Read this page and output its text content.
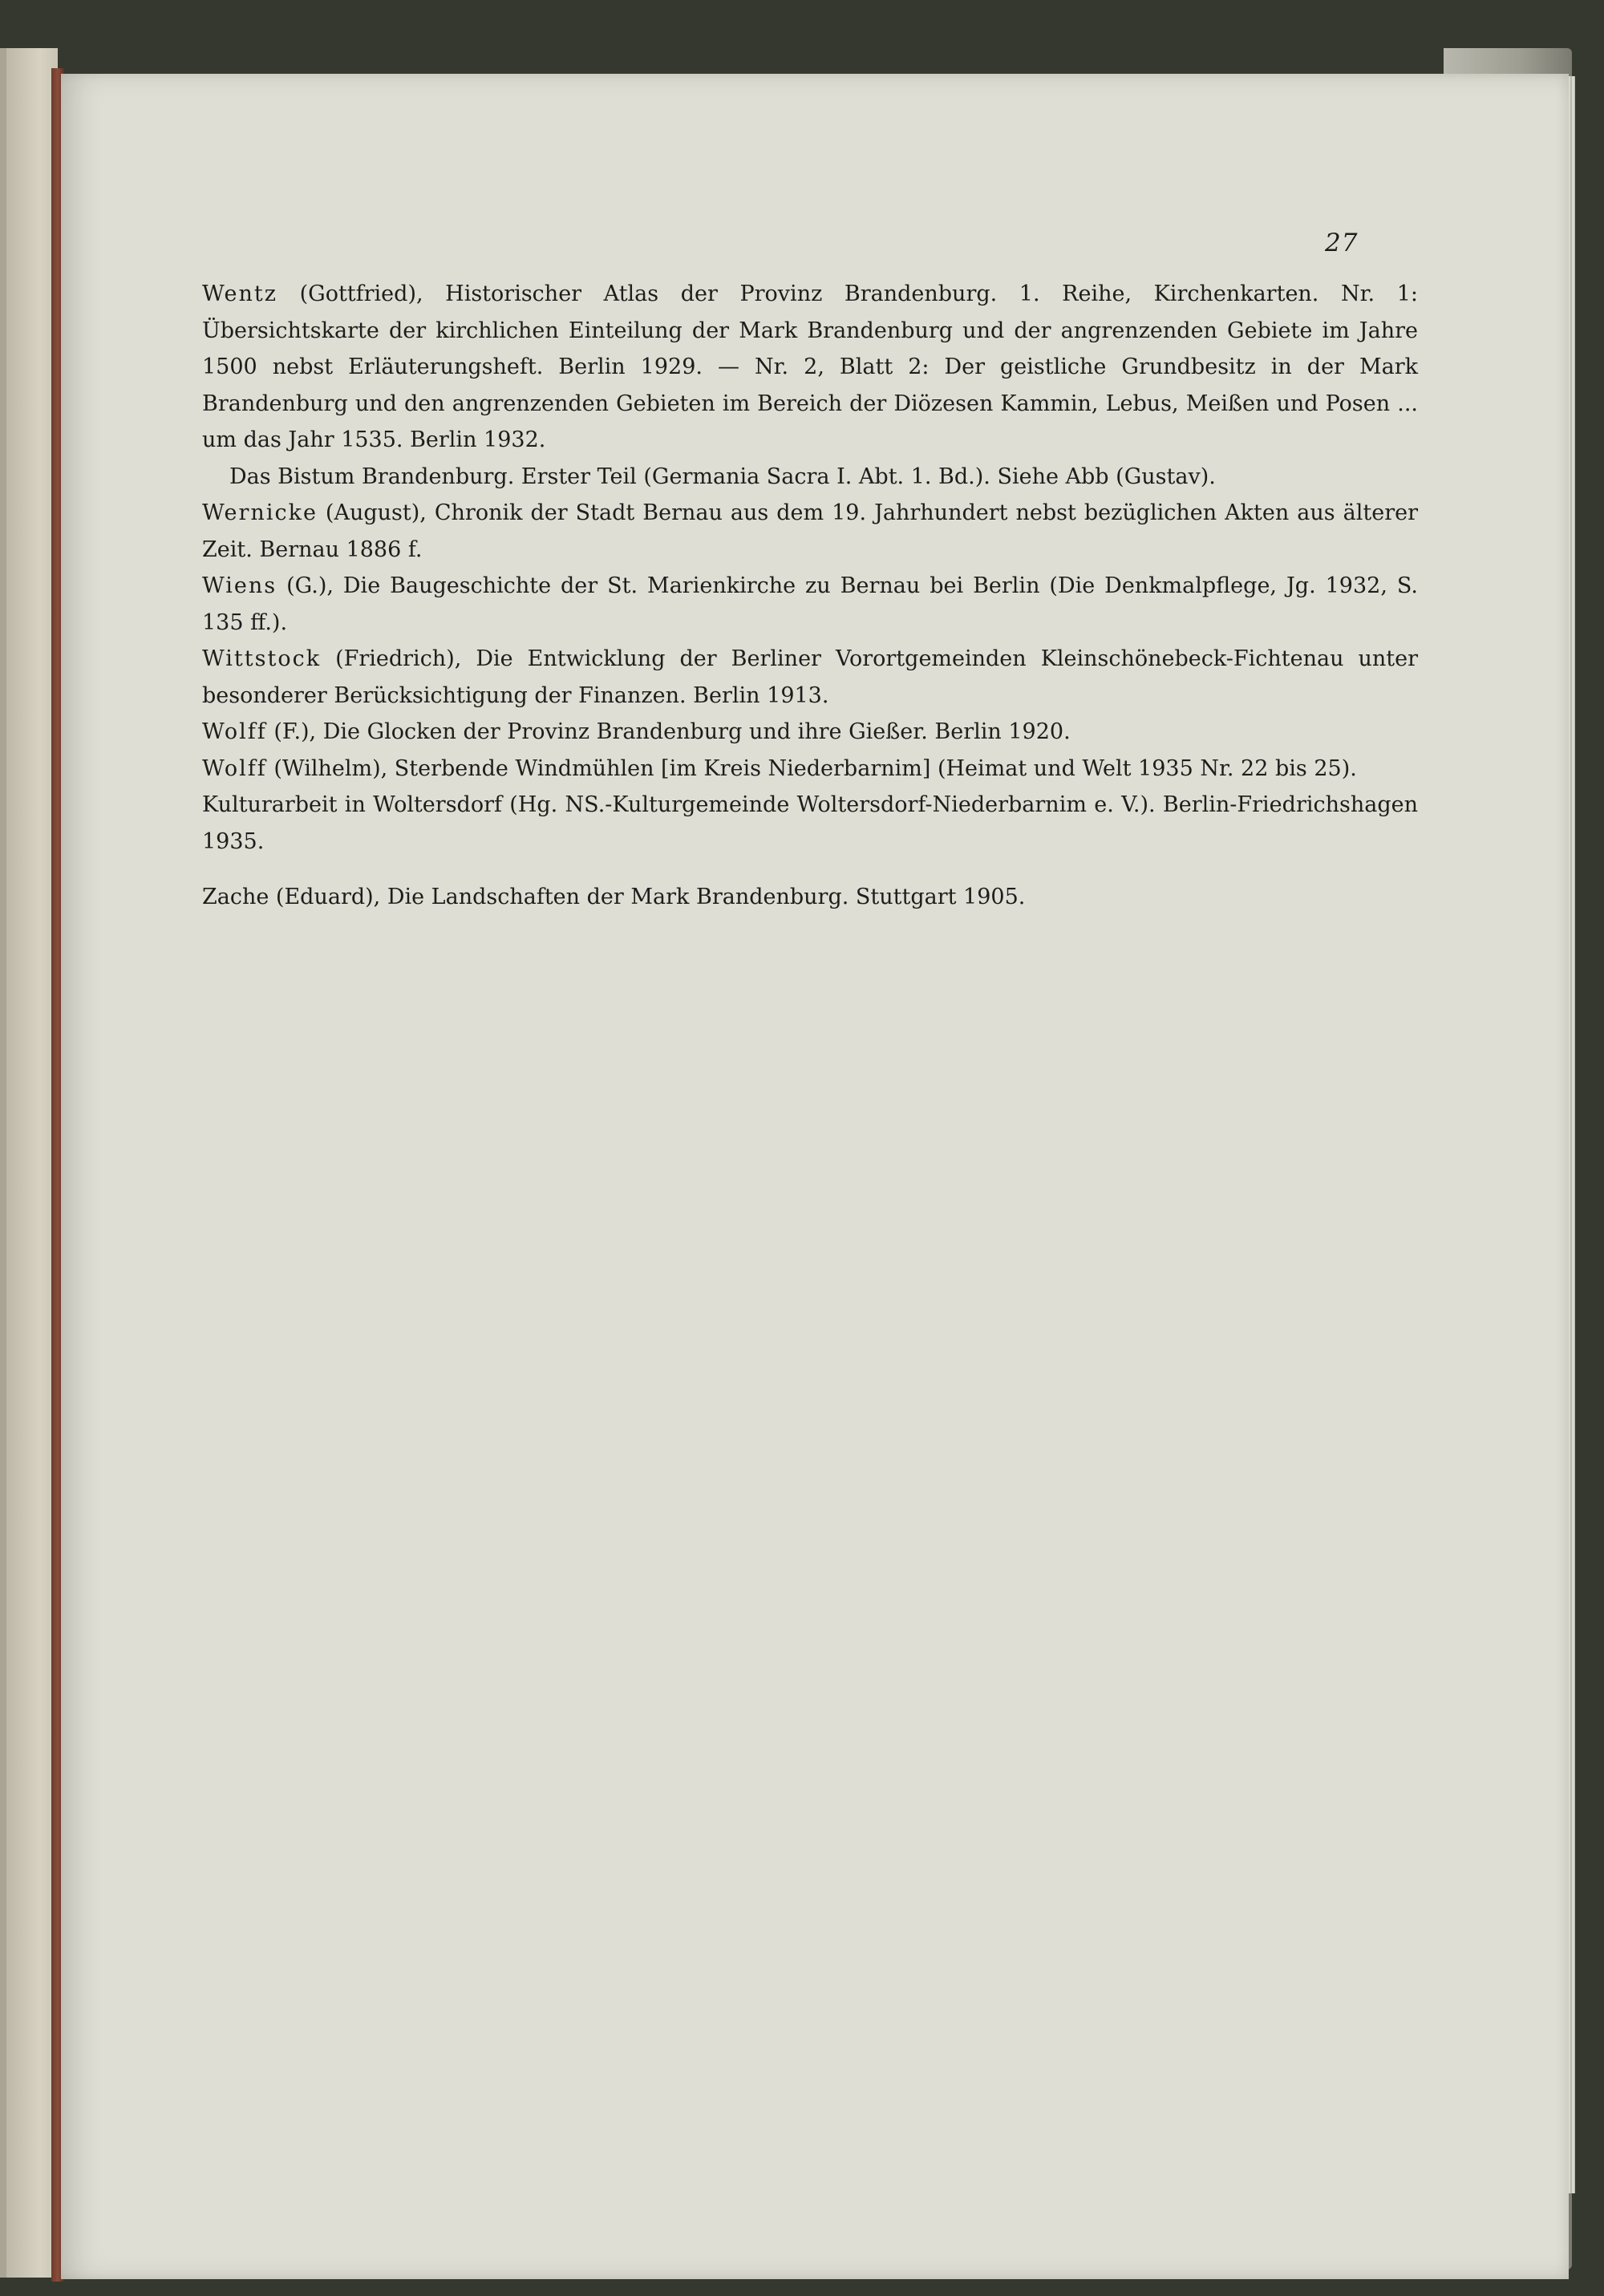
27

Wentz (Gottfried), Historischer Atlas der Provinz Brandenburg. 1. Reihe, Kirchenkarten. Nr. 1: Übersichtskarte der kirchlichen Einteilung der Mark Brandenburg und der angrenzenden Gebiete im Jahre 1500 nebst Erläuterungsheft. Berlin 1929. — Nr. 2, Blatt 2: Der geistliche Grundbesitz in der Mark Brandenburg und den angrenzenden Gebieten im Bereich der Diözesen Kammin, Lebus, Meißen und Posen ... um das Jahr 1535. Berlin 1932.

Das Bistum Brandenburg. Erster Teil (Germania Sacra I. Abt. 1. Bd.). Siehe Abb (Gustav).

Wernicke (August), Chronik der Stadt Bernau aus dem 19. Jahrhundert nebst bezüglichen Akten aus älterer Zeit. Bernau 1886 f.

Wiens (G.), Die Baugeschichte der St. Marienkirche zu Bernau bei Berlin (Die Denkmalpflege, Jg. 1932, S. 135 ff.).

Wittstock (Friedrich), Die Entwicklung der Berliner Vorortgemeinden Kleinschönebeck-Fichtenau unter besonderer Berücksichtigung der Finanzen. Berlin 1913.

Wolff (F.), Die Glocken der Provinz Brandenburg und ihre Gießer. Berlin 1920.

Wolff (Wilhelm), Sterbende Windmühlen [im Kreis Niederbarnim] (Heimat und Welt 1935 Nr. 22 bis 25).

Kulturarbeit in Woltersdorf (Hg. NS.-Kulturgemeinde Woltersdorf-Niederbarnim e. V.). Berlin-Friedrichshagen 1935.

Zache (Eduard), Die Landschaften der Mark Brandenburg. Stuttgart 1905.
